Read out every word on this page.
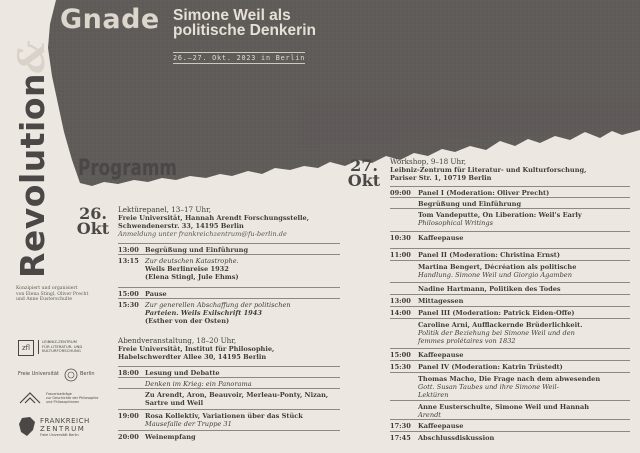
Revolution&
Gnade Simone Weil als
politische Denkerin
26.–27. Okt. 2023 in Berlin
Programm
26.
Okt
Lektürepanel, 13–17 Uhr,
Freie Universität, Hannah Arendt Forschungsstelle,
Schwendenerstr. 33, 14195 Berlin
Anmeldung unter frankreichzentrum@fu-berlin.de
13:00 Begrüßung und Einführung
13:15 Zur deutschen Katastrophe.
Weils Berlinreise 1932
(Elena Stingl, Jule Ehms)
15:00 Pause
15:30 Zur generellen Abschaffung der politischen
Parteien. Weils Exilschrift 1943
(Esther von der Osten)
Abendveranstaltung, 18–20 Uhr,
Freie Universität, Institut für Philosophie,
Habelschwerdter Allee 30, 14195 Berlin
18:00 Lesung und Debatte
Denken im Krieg: ein Panorama
Zu Arendt, Aron, Beauvoir, Merleau-Ponty, Nizan,
Sartre und Weil
19:00 Rosa Kollektiv, Variationen über das Stück
Mausefalle der Truppe 31
20:00 Weinempfang
27.
Okt
Workshop, 9–18 Uhr,
Leibniz-Zentrum für Literatur- und Kulturforschung,
Pariser Str. 1, 10719 Berlin
09:00 Panel I (Moderation: Oliver Precht)
Begrüßung und Einführung
Tom Vandeputte, On Liberation: Weil's Early
Philosophical Writings
10:30 Kaffeepause
11:00 Panel II (Moderation: Christina Ernst)
Martina Bengert, Décréation als politische
Handlung. Simone Weil und Giorgio Agamben
Nadine Hartmann, Politiken des Todes
13:00 Mittagessen
14:00 Panel III (Moderation: Patrick Eiden-Offe)
Caroline Arni, Aufflackernde Brüderlichkeit.
Politik der Beziehung bei Simone Weil und den
femmes prolétaires von 1832
15:00 Kaffeepause
15:30 Panel IV (Moderation: Katrin Trüstedt)
Thomas Macho, Die Frage nach dem abwesenden
Gott. Susan Taubes und ihre Simone Weil-
Lektüren
Anne Eusterschulte, Simone Weil und Hannah
Arendt
17:30 Kaffeepause
17:45 Abschlussdiskussion
Konzipiert und organisiert
von Elena Stingl, Oliver Precht
und Anne Eusterschulte
zfl
LEIBNIZ-ZENTRUM
FÜR LITERATUR- UND
KULTURFORSCHUNG
Freie Universität	Berlin
Frauenbeiträge
zur Geschichte der Philosophie
und Philosophinnen
FRANKREICH
ZENTRUM
Freie Universität Berlin
